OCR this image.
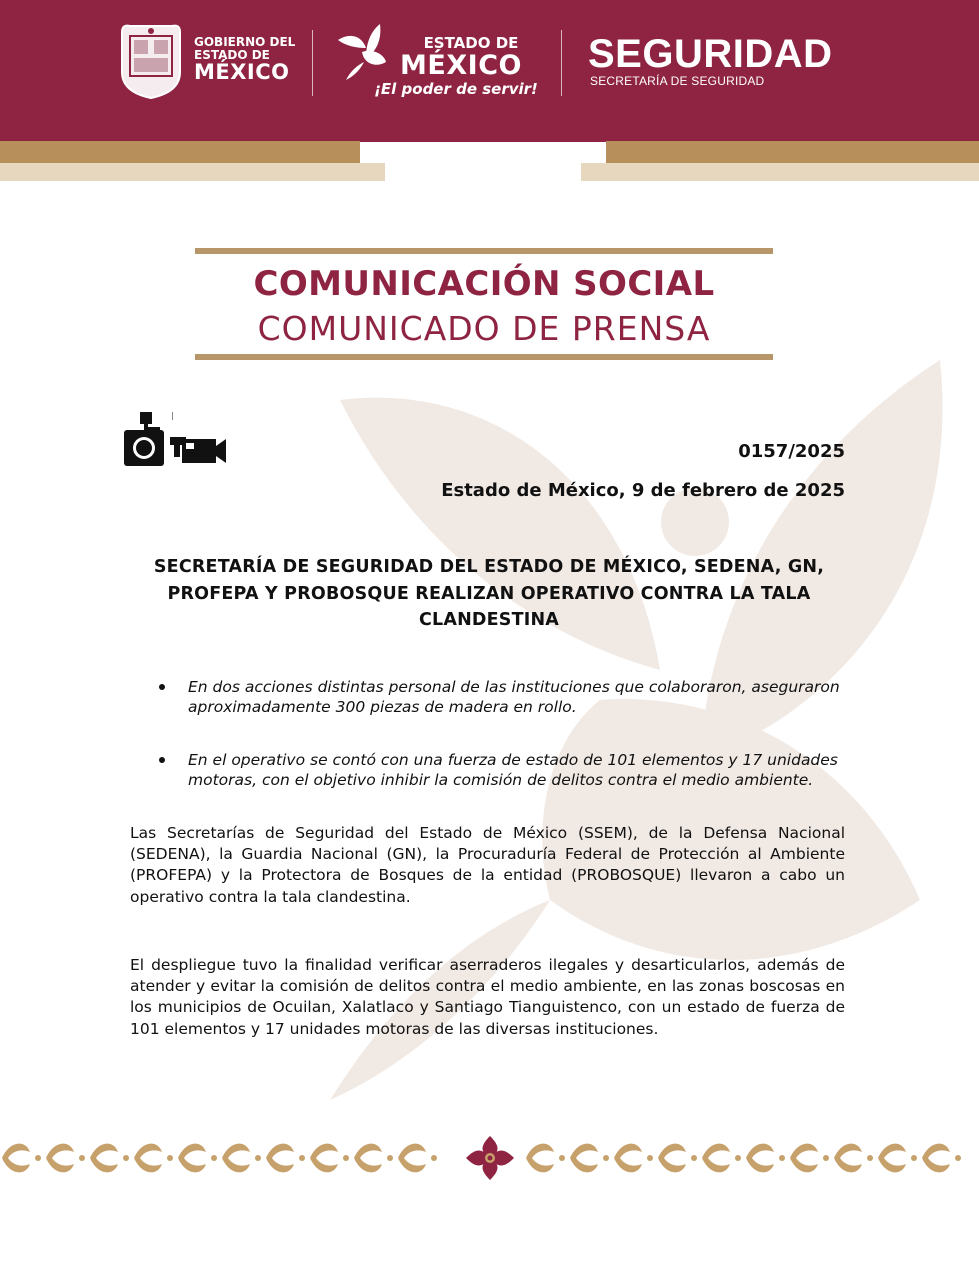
GOBIERNO DEL
ESTADO DE
MÉXICO
ESTADO DE
MÉXICO
¡El poder de servir!
SEGURIDAD
SECRETARÍA DE SEGURIDAD
COMUNICACIÓN SOCIAL
COMUNICADO DE PRENSA
0157/2025
Estado de México, 9 de febrero de 2025
SECRETARÍA DE SEGURIDAD DEL ESTADO DE MÉXICO, SEDENA, GN, PROFEPA Y PROBOSQUE REALIZAN OPERATIVO CONTRA LA TALA CLANDESTINA
En dos acciones distintas personal de las instituciones que colaboraron, aseguraron aproximadamente 300 piezas de madera en rollo.
En el operativo se contó con una fuerza de estado de 101 elementos y 17 unidades motoras, con el objetivo inhibir la comisión de delitos contra el medio ambiente.

Las Secretarías de Seguridad del Estado de México (SSEM), de la Defensa Nacional (SEDENA), la Guardia Nacional (GN), la Procuraduría Federal de Protección al Ambiente (PROFEPA) y la Protectora de Bosques de la entidad (PROBOSQUE) llevaron a cabo un operativo contra la tala clandestina.

El despliegue tuvo la finalidad verificar aserraderos ilegales y desarticularlos, además de atender y evitar la comisión de delitos contra el medio ambiente, en las zonas boscosas en los municipios de Ocuilan, Xalatlaco y Santiago Tianguistenco, con un estado de fuerza de 101 elementos y 17 unidades motoras de las diversas instituciones.
